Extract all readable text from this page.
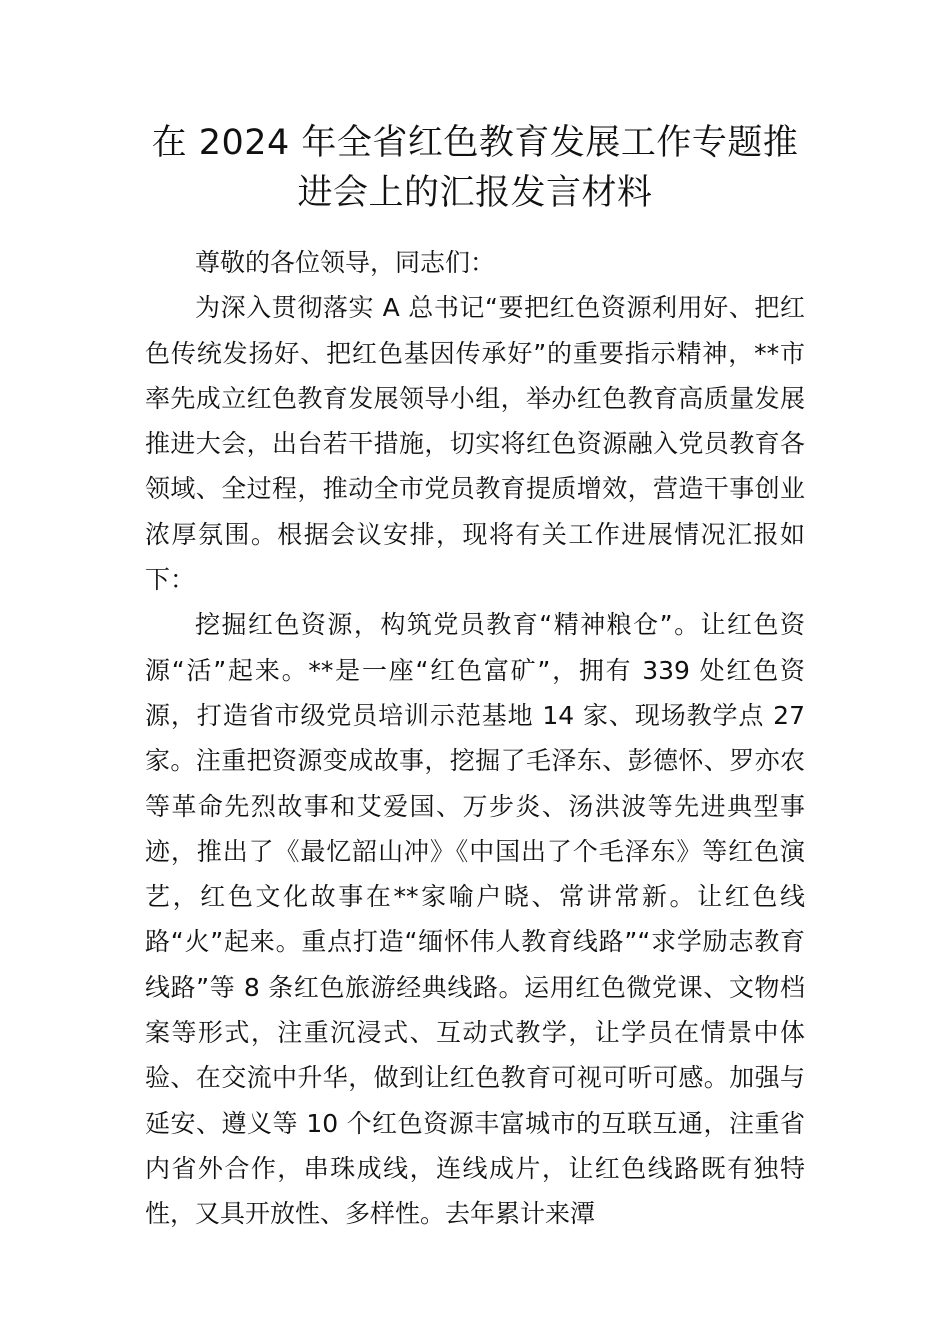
在 2024 年全省红色教育发展工作专题推进会上的汇报发言材料

尊敬的各位领导，同志们：

为深入贯彻落实 A 总书记“要把红色资源利用好、把红色传统发扬好、把红色基因传承好”的重要指示精神，**市率先成立红色教育发展领导小组，举办红色教育高质量发展推进大会，出台若干措施，切实将红色资源融入党员教育各领域、全过程，推动全市党员教育提质增效，营造干事创业浓厚氛围。根据会议安排，现将有关工作进展情况汇报如下：

挖掘红色资源，构筑党员教育“精神粮仓”。让红色资源“活”起来。**是一座“红色富矿”，拥有 339 处红色资源，打造省市级党员培训示范基地 14 家、现场教学点 27 家。注重把资源变成故事，挖掘了毛泽东、彭德怀、罗亦农等革命先烈故事和艾爱国、万步炎、汤洪波等先进典型事迹，推出了《最忆韶山冲》《中国出了个毛泽东》等红色演艺，红色文化故事在**家喻户晓、常讲常新。让红色线路“火”起来。重点打造“缅怀伟人教育线路”“求学励志教育线路”等 8 条红色旅游经典线路。运用红色微党课、文物档案等形式，注重沉浸式、互动式教学，让学员在情景中体验、在交流中升华，做到让红色教育可视可听可感。加强与延安、遵义等 10 个红色资源丰富城市的互联互通，注重省内省外合作，串珠成线，连线成片，让红色线路既有独特性，又具开放性、多样性。去年累计来潭
